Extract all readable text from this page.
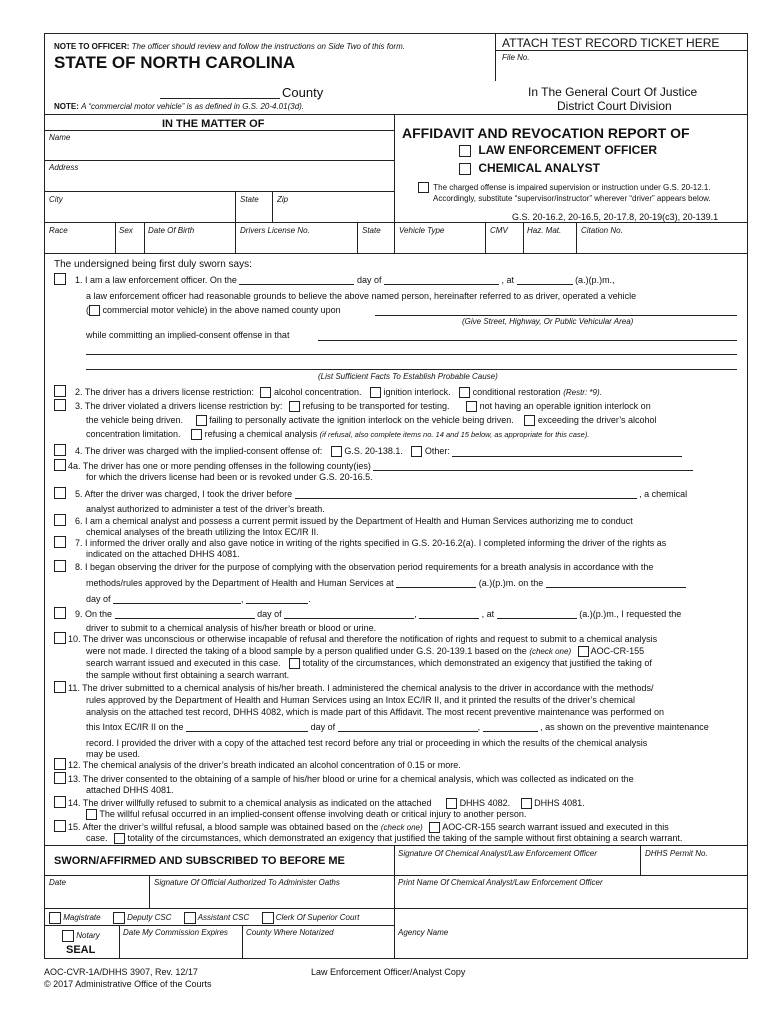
NOTE TO OFFICER: The officer should review and follow the instructions on Side Two of this form.
STATE OF NORTH CAROLINA
ATTACH TEST RECORD TICKET HERE
File No.
County	In The General Court Of Justice
District Court Division
NOTE: A “commercial motor vehicle” is as defined in G.S. 20-4.01(3d).
IN THE MATTER OF
Name
Address
City	State Zip
AFFIDAVIT AND REVOCATION REPORT OF
LAW ENFORCEMENT OFFICER
CHEMICAL ANALYST
The charged offense is impaired supervision or instruction under G.S. 20-12.1.
Accordingly, substitute “supervisor/instructor” wherever “driver” appears below.
G.S. 20-16.2, 20-16.5, 20-17.8, 20-19(c3), 20-139.1
Race	Sex Date Of Birth	Drivers License No.	State Vehicle Type	CMV Haz. Mat. Citation No.
The undersigned being first duly sworn says:
1. I am a law enforcement officer. On the	day of	, at	(a.)(p.)m.,
a law enforcement officer had reasonable grounds to believe the above named person, hereinafter referred to as driver, operated a vehicle
( commercial motor vehicle) in the above named county upon
(Give Street, Highway, Or Public Vehicular Area)
while committing an implied-consent offense in that
(List Sufficient Facts To Establish Probable Cause)
2. The driver has a drivers license restriction: alcohol concentration. ignition interlock. conditional restoration (Restr: *9).
3. The driver violated a drivers license restriction by: refusing to be transported for testing.	not having an operable ignition interlock on
the vehicle being driven.	failing to personally activate the ignition interlock on the vehicle being driven.	exceeding the driver’s alcohol
concentration limitation.	refusing a chemical analysis (if refusal, also complete items no. 14 and 15 below, as appropriate for this case).
4. The driver was charged with the implied-consent offense of: G.S. 20-138.1. Other:
4a. The driver has one or more pending offenses in the following county(ies)
for which the drivers license had been or is revoked under G.S. 20-16.5.
5. After the driver was charged, I took the driver before	, a chemical
analyst authorized to administer a test of the driver’s breath.
6. I am a chemical analyst and possess a current permit issued by the Department of Health and Human Services authorizing me to conduct
chemical analyses of the breath utilizing the Intox EC/IR II.
7. I informed the driver orally and also gave notice in writing of the rights specified in G.S. 20-16.2(a). I completed informing the driver of the rights as
indicated on the attached DHHS 4081.
8. I began observing the driver for the purpose of complying with the observation period requirements for a breath analysis in accordance with the
methods/rules approved by the Department of Health and Human Services at	(a.)(p.)m. on the
day of	,	.
9. On the	day of	,	, at	(a.)(p.)m., I requested the
driver to submit to a chemical analysis of his/her breath or blood or urine.
10. The driver was unconscious or otherwise incapable of refusal and therefore the notification of rights and request to submit to a chemical analysis
were not made. I directed the taking of a blood sample by a person qualified under G.S. 20-139.1 based on the (check one) AOC-CR-155
search warrant issued and executed in this case. totality of the circumstances, which demonstrated an exigency that justified the taking of
the sample without first obtaining a search warrant.
11. The driver submitted to a chemical analysis of his/her breath. I administered the chemical analysis to the driver in accordance with the methods/
rules approved by the Department of Health and Human Services using an Intox EC/IR II, and it printed the results of the driver’s chemical
analysis on the attached test record, DHHS 4082, which is made part of this Affidavit. The most recent preventive maintenance was performed on
this Intox EC/IR II on the	day of	,	, as shown on the preventive maintenance
record. I provided the driver with a copy of the attached test record before any trial or proceeding in which the results of the chemical analysis
may be used.
12. The chemical analysis of the driver’s breath indicated an alcohol concentration of 0.15 or more.
13. The driver consented to the obtaining of a sample of his/her blood or urine for a chemical analysis, which was collected as indicated on the
attached DHHS 4081.
14. The driver willfully refused to submit to a chemical analysis as indicated on the attached	DHHS 4082.	DHHS 4081.
The willful refusal occurred in an implied-consent offense involving death or critical injury to another person.
15. After the driver’s willful refusal, a blood sample was obtained based on the (check one) AOC-CR-155 search warrant issued and executed in this
case. totality of the circumstances, which demonstrated an exigency that justified the taking of the sample without first obtaining a search warrant.
SWORN/AFFIRMED AND SUBSCRIBED TO BEFORE ME
Signature Of Chemical Analyst/Law Enforcement Officer	DHHS Permit No.
Date	Signature Of Official Authorized To Administer Oaths	Print Name Of Chemical Analyst/Law Enforcement Officer
Magistrate	Deputy CSC	Assistant CSC	Clerk Of Superior Court
Notary
SEAL
Date My Commission Expires County Where Notarized	Agency Name
AOC-CVR-1A/DHHS 3907, Rev. 12/17
© 2017 Administrative Office of the Courts
Law Enforcement Officer/Analyst Copy
